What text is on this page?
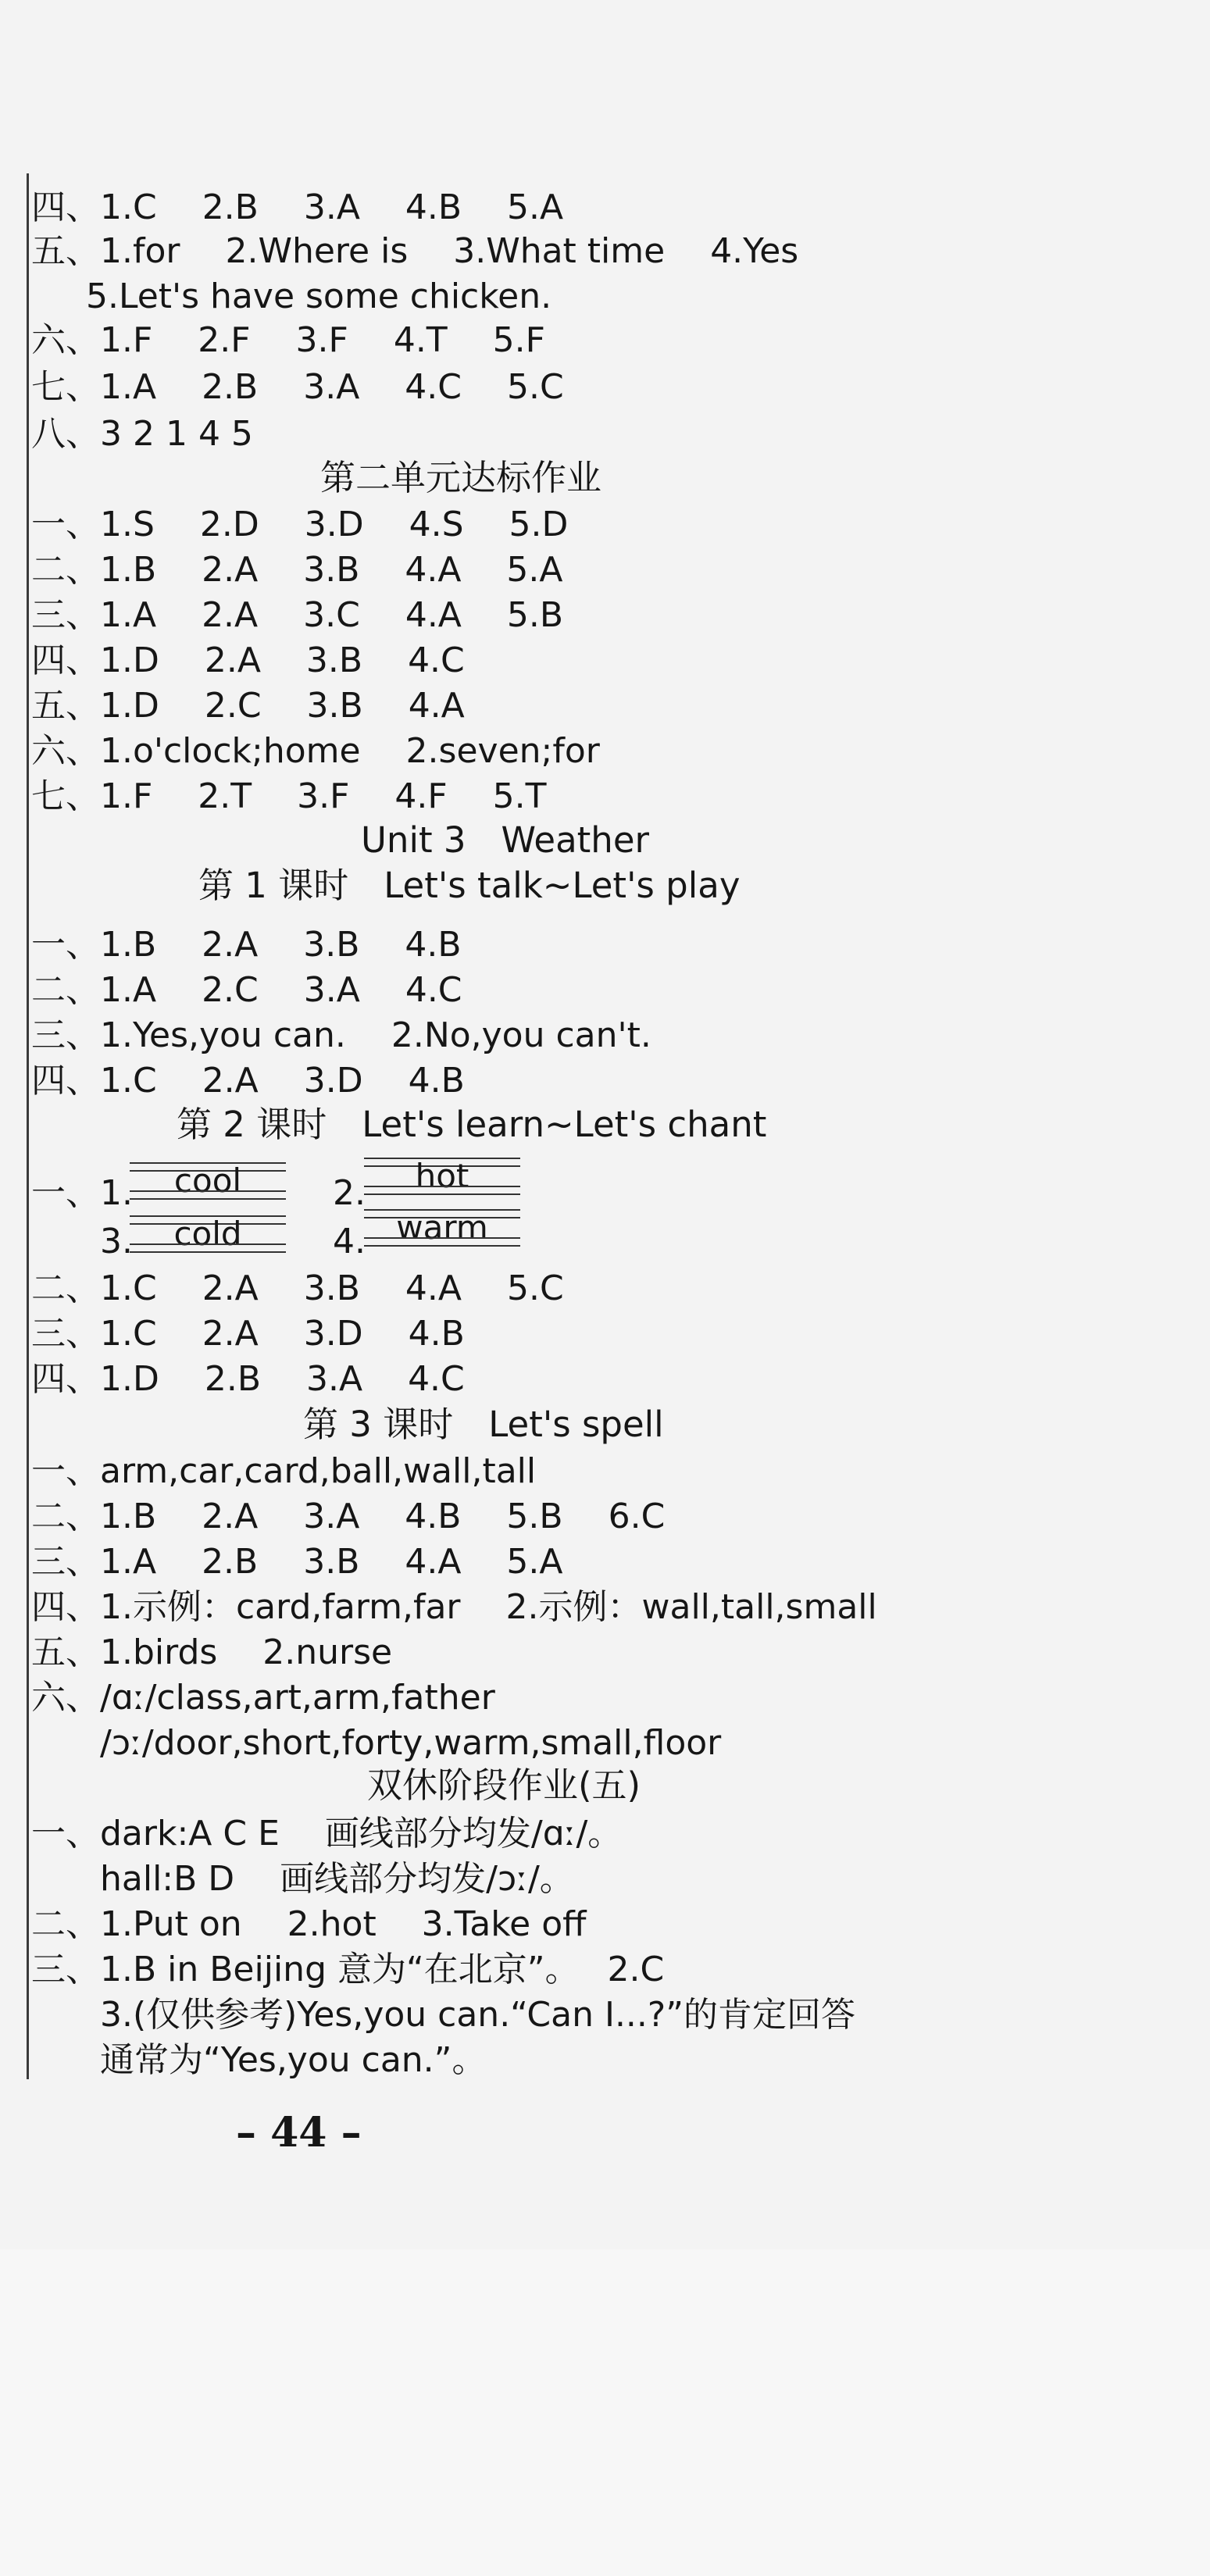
四、1.C　 2.B　 3.A　 4.B　 5.A
五、1.for　 2.Where is　 3.What time　 4.Yes
5.Let's have some chicken.
六、1.F　 2.F　 3.F　 4.T　 5.F
七、1.A　 2.B　 3.A　 4.C　 5.C
八、3 2 1 4 5
第二单元达标作业
一、1.S　 2.D　 3.D　 4.S　 5.D
二、1.B　 2.A　 3.B　 4.A　 5.A
三、1.A　 2.A　 3.C　 4.A　 5.B
四、1.D　 2.A　 3.B　 4.C
五、1.D　 2.C　 3.B　 4.A
六、1.o'clock;home　 2.seven;for
七、1.F　 2.T　 3.F　 4.F　 5.T
Unit 3　Weather
第 1 课时　Let's talk~Let's play
一、1.B　 2.A　 3.B　 4.B
二、1.A　 2.C　 3.A　 4.C
三、1.Yes,you can.　 2.No,you can't.
四、1.C　 2.A　 3.D　 4.B
第 2 课时　Let's learn~Let's chant
一、1.	cool	2.	hot
3.	cold	4. warm
二、1.C　 2.A　 3.B　 4.A　 5.C
三、1.C　 2.A　 3.D　 4.B
四、1.D　 2.B　 3.A　 4.C
第 3 课时　Let's spell
一、arm,car,card,ball,wall,tall
二、1.B　 2.A　 3.A　 4.B　 5.B　 6.C
三、1.A　 2.B　 3.B　 4.A　 5.A
四、1.示例：card,farm,far　 2.示例：wall,tall,small
五、1.birds　 2.nurse
六、/ɑː/class,art,arm,father
/ɔː/door,short,forty,warm,small,floor
双休阶段作业(五)
一、dark:A C E　 画线部分均发/ɑː/。
hall:B D　 画线部分均发/ɔː/。
二、1.Put on　 2.hot　 3.Take off
三、1.B in Beijing 意为“在北京”。　 2.C
3.(仅供参考)Yes,you can.“Can I...?”的肯定回答
通常为“Yes,you can.”。
– 44 –
